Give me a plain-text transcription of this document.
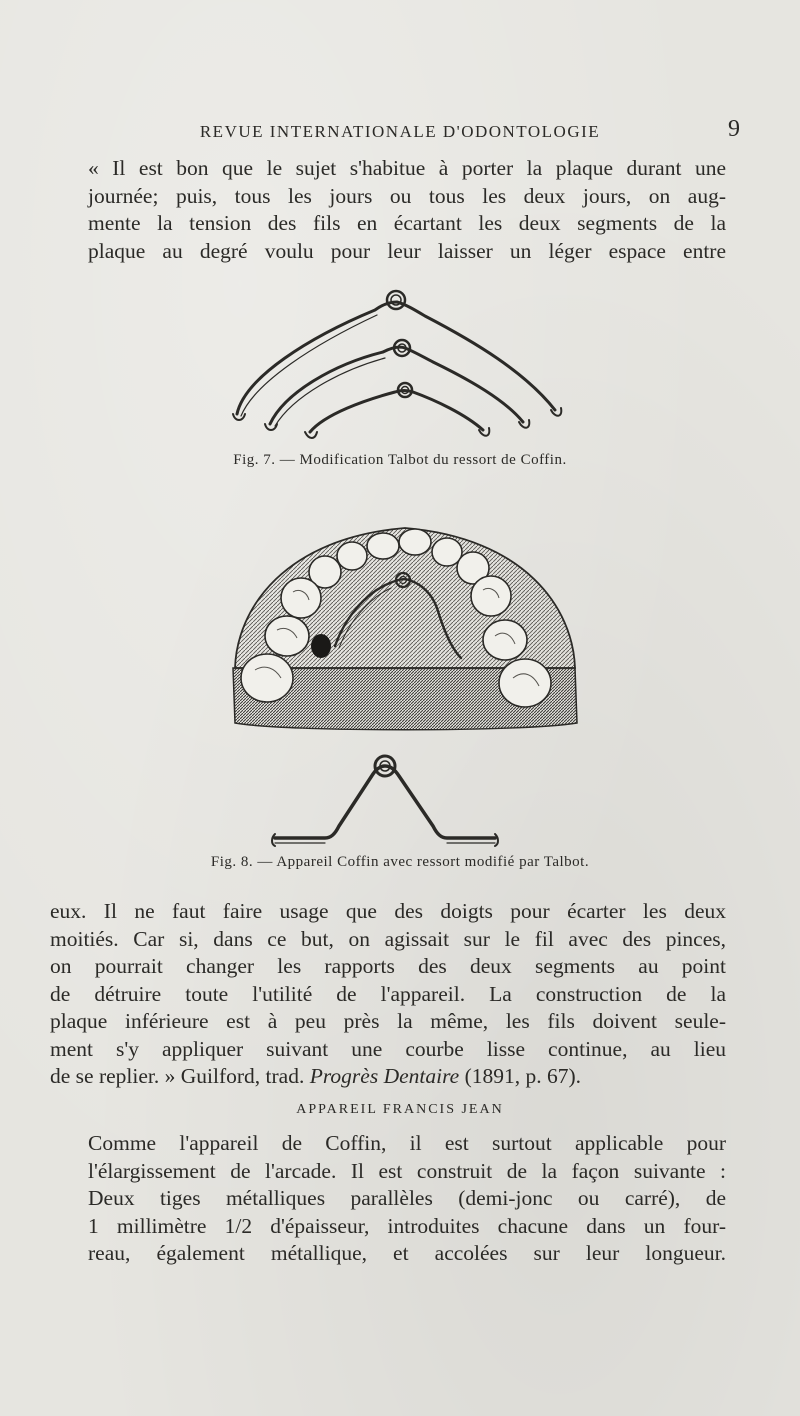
REVUE INTERNATIONALE D'ODONTOLOGIE	9

« Il est bon que le sujet s'habitue à porter la plaque durant une
journée; puis, tous les jours ou tous les deux jours, on aug-
mente la tension des fils en écartant les deux segments de la
plaque au degré voulu pour leur laisser un léger espace entre

Fig. 7. — Modification Talbot du ressort de Coffin.
Fig. 8. — Appareil Coffin avec ressort modifié par Talbot.

eux. Il ne faut faire usage que des doigts pour écarter les deux
moitiés. Car si, dans ce but, on agissait sur le fil avec des pinces,
on pourrait changer les rapports des deux segments au point
de détruire toute l'utilité de l'appareil. La construction de la
plaque inférieure est à peu près la même, les fils doivent seule-
ment s'y appliquer suivant une courbe lisse continue, au lieu
de se replier. » Guilford, trad. Progrès Dentaire (1891, p. 67).

APPAREIL FRANCIS JEAN

Comme l'appareil de Coffin, il est surtout applicable pour
l'élargissement de l'arcade. Il est construit de la façon suivante :
Deux tiges métalliques parallèles (demi-jonc ou carré), de
1 millimètre 1/2 d'épaisseur, introduites chacune dans un four-
reau, également métallique, et accolées sur leur longueur.
